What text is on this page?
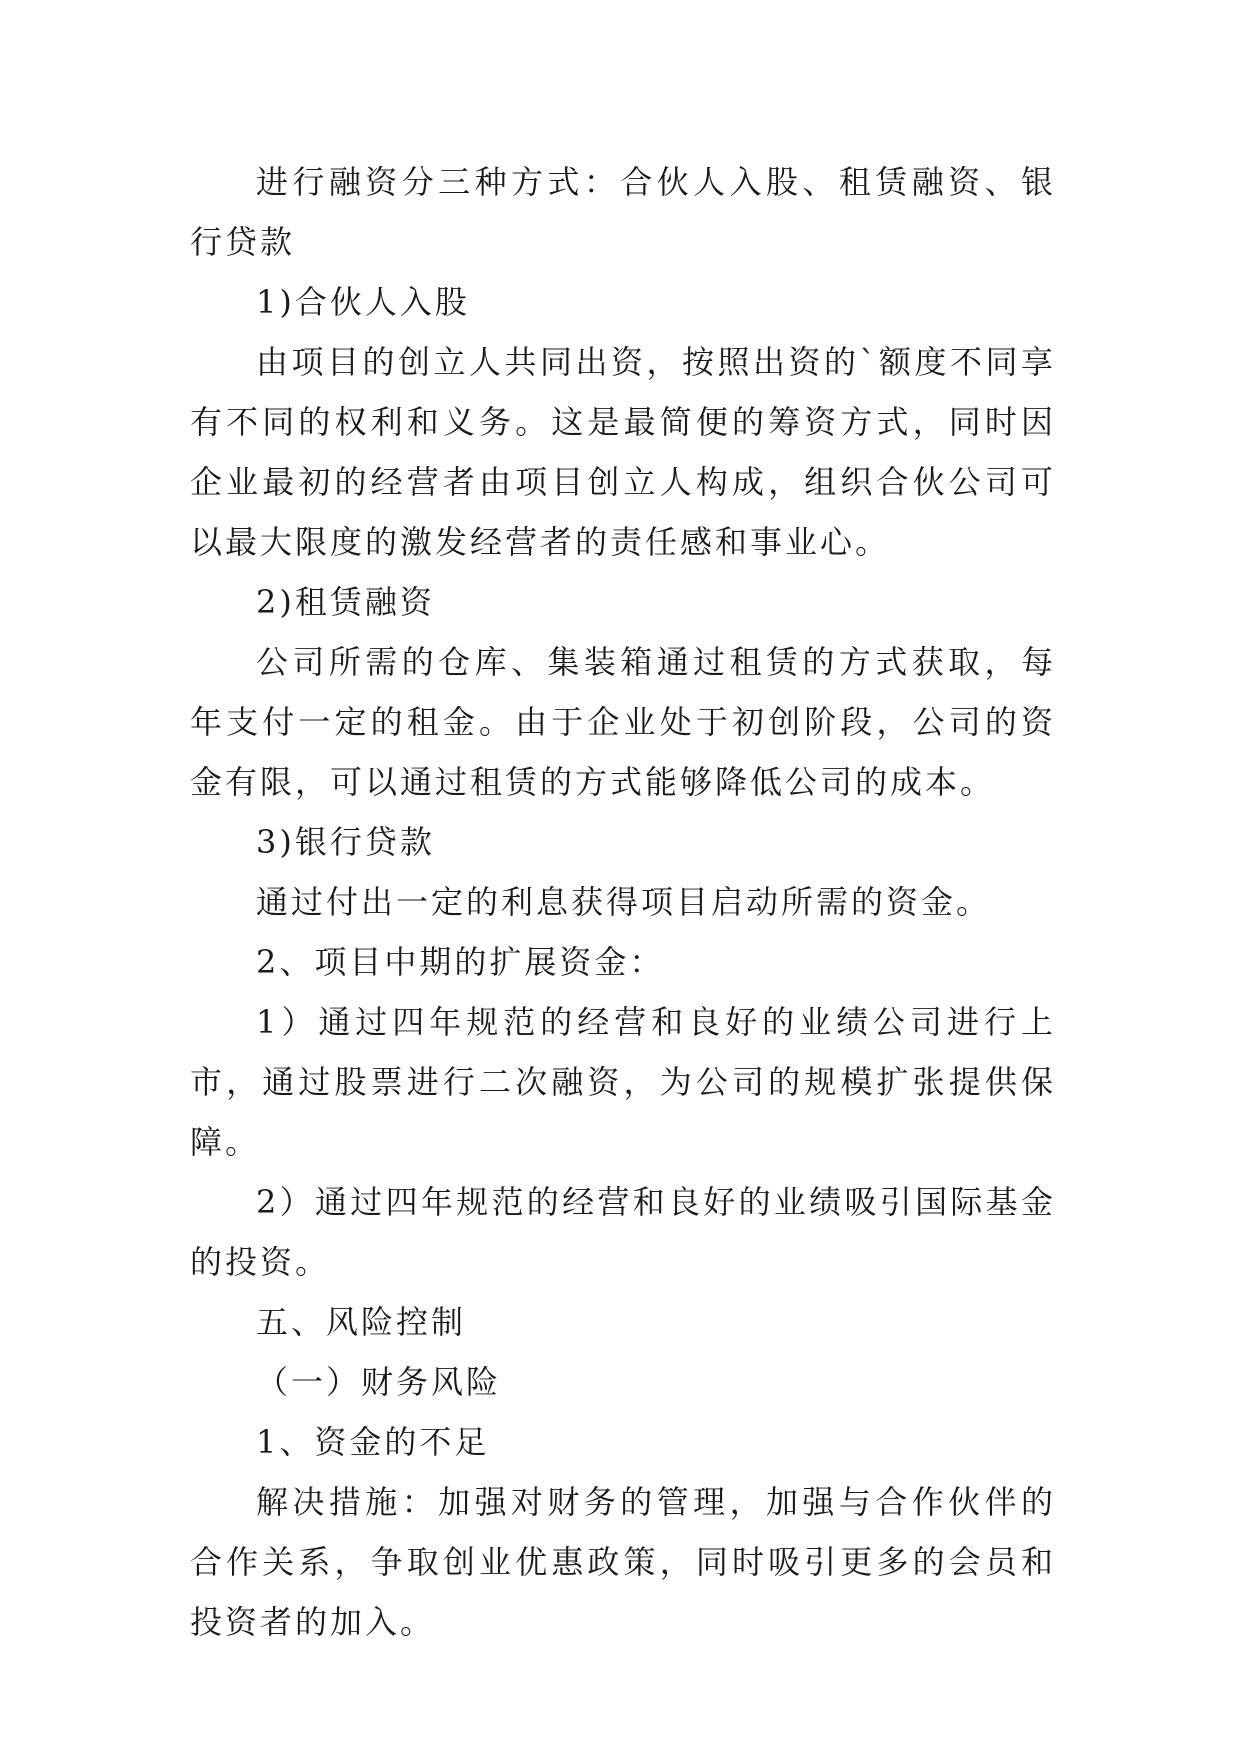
进行融资分三种方式：合伙人入股、租赁融资、银行贷款

1)合伙人入股

由项目的创立人共同出资，按照出资的`额度不同享有不同的权利和义务。这是最简便的筹资方式，同时因企业最初的经营者由项目创立人构成，组织合伙公司可以最大限度的激发经营者的责任感和事业心。

2)租赁融资

公司所需的仓库、集装箱通过租赁的方式获取，每年支付一定的租金。由于企业处于初创阶段，公司的资金有限，可以通过租赁的方式能够降低公司的成本。

3)银行贷款

通过付出一定的利息获得项目启动所需的资金。

2、项目中期的扩展资金：

1）通过四年规范的经营和良好的业绩公司进行上市，通过股票进行二次融资，为公司的规模扩张提供保障。

2）通过四年规范的经营和良好的业绩吸引国际基金的投资。

五、风险控制

（一）财务风险

1、资金的不足

解决措施：加强对财务的管理，加强与合作伙伴的合作关系，争取创业优惠政策，同时吸引更多的会员和投资者的加入。
